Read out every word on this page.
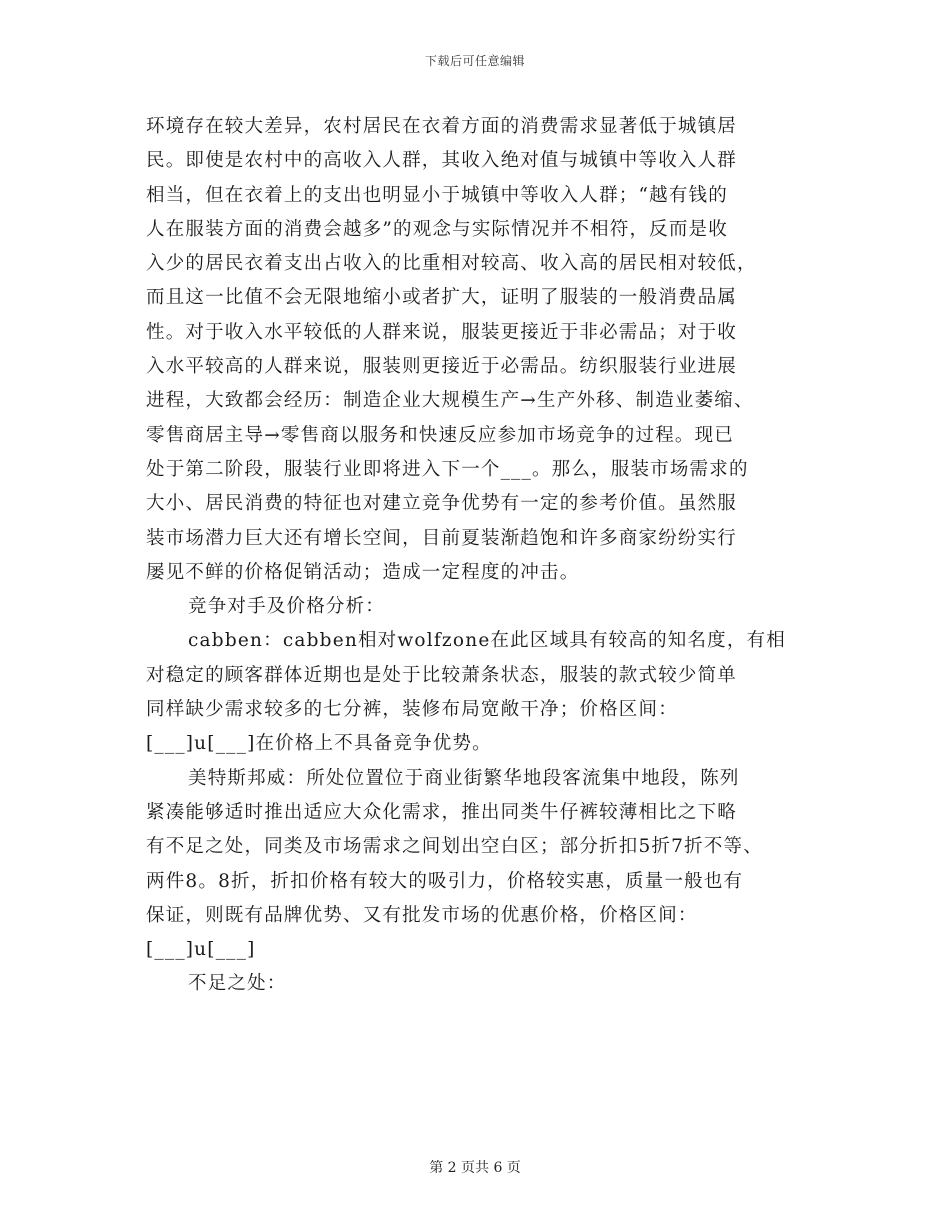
下载后可任意编辑
环境存在较大差异，农村居民在衣着方面的消费需求显著低于城镇居
民。即使是农村中的高收入人群，其收入绝对值与城镇中等收入人群
相当，但在衣着上的支出也明显小于城镇中等收入人群；“越有钱的
人在服装方面的消费会越多”的观念与实际情况并不相符，反而是收
入少的居民衣着支出占收入的比重相对较高、收入高的居民相对较低，
而且这一比值不会无限地缩小或者扩大，证明了服装的一般消费品属
性。对于收入水平较低的人群来说，服装更接近于非必需品；对于收
入水平较高的人群来说，服装则更接近于必需品。纺织服装行业进展
进程，大致都会经历：制造企业大规模生产→生产外移、制造业萎缩、
零售商居主导→零售商以服务和快速反应参加市场竞争的过程。现已
处于第二阶段，服装行业即将进入下一个___。那么，服装市场需求的
大小、居民消费的特征也对建立竞争优势有一定的参考价值。虽然服
装市场潜力巨大还有增长空间，目前夏装渐趋饱和许多商家纷纷实行
屡见不鲜的价格促销活动；造成一定程度的冲击。
竞争对手及价格分析：
cabben：cabben相对wolfzone在此区域具有较高的知名度，有相
对稳定的顾客群体近期也是处于比较萧条状态，服装的款式较少简单
同样缺少需求较多的七分裤，装修布局宽敞干净；价格区间：
[___]u[___]在价格上不具备竞争优势。
美特斯邦威：所处位置位于商业街繁华地段客流集中地段，陈列
紧凑能够适时推出适应大众化需求，推出同类牛仔裤较薄相比之下略
有不足之处，同类及市场需求之间划出空白区；部分折扣5折7折不等、
两件8。8折，折扣价格有较大的吸引力，价格较实惠，质量一般也有
保证，则既有品牌优势、又有批发市场的优惠价格，价格区间：
[___]u[___]
不足之处：
第 2 页共 6 页
